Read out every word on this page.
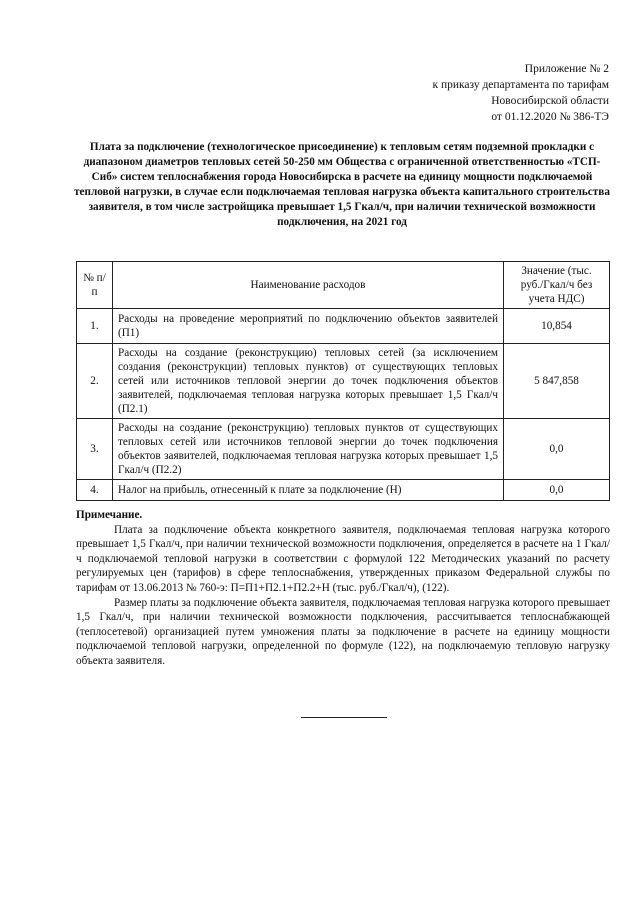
Приложение № 2
к приказу департамента по тарифам
Новосибирской области
от 01.12.2020 № 386-ТЭ
Плата за подключение (технологическое присоединение) к тепловым сетям подземной прокладки с диапазоном диаметров тепловых сетей 50-250 мм Общества с ограниченной ответственностью «ТСП-Сиб» систем теплоснабжения города Новосибирска в расчете на единицу мощности подключаемой тепловой нагрузки, в случае если подключаемая тепловая нагрузка объекта капитального строительства заявителя, в том числе застройщика превышает 1,5 Гкал/ч, при наличии технической возможности подключения, на 2021 год
№ п/п	Наименование расходов	Значение (тыс. руб./Гкал/ч без учета НДС)
1.	Расходы на проведение мероприятий по подключению объектов заявителей (П1)	10,854
2.	Расходы на создание (реконструкцию) тепловых сетей (за исключением создания (реконструкции) тепловых пунктов) от существующих тепловых сетей или источников тепловой энергии до точек подключения объектов заявителей, подключаемая тепловая нагрузка которых превышает 1,5 Гкал/ч (П2.1)	5 847,858
3.	Расходы на создание (реконструкцию) тепловых пунктов от существующих тепловых сетей или источников тепловой энергии до точек подключения объектов заявителей, подключаемая тепловая нагрузка которых превышает 1,5 Гкал/ч (П2.2)	0,0
4.	Налог на прибыль, отнесенный к плате за подключение (Н)	0,0
Примечание.

Плата за подключение объекта конкретного заявителя, подключаемая тепловая нагрузка которого превышает 1,5 Гкал/ч, при наличии технической возможности подключения, определяется в расчете на 1 Гкал/ч подключаемой тепловой нагрузки в соответствии с формулой 122 Методических указаний по расчету регулируемых цен (тарифов) в сфере теплоснабжения, утвержденных приказом Федеральной службы по тарифам от 13.06.2013 № 760-э: П=П1+П2.1+П2.2+Н (тыс. руб./Гкал/ч), (122).

Размер платы за подключение объекта заявителя, подключаемая тепловая нагрузка которого превышает 1,5 Гкал/ч, при наличии технической возможности подключения, рассчитывается теплоснабжающей (теплосетевой) организацией путем умножения платы за подключение в расчете на единицу мощности подключаемой тепловой нагрузки, определенной по формуле (122), на подключаемую тепловую нагрузку объекта заявителя.
